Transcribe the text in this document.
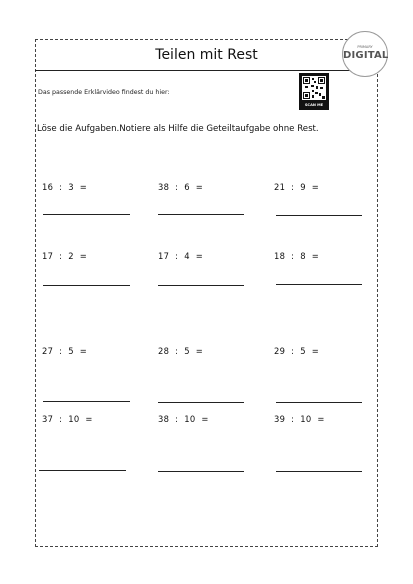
Teilen mit Rest	PRIMARY
DIGITAL
Das passende Erklärvideo findest du hier:
SCAN ME
Löse die Aufgaben.Notiere als Hilfe die Geteiltaufgabe ohne Rest.
16  :  3  =	38  :  6  =	21  :  9  =
17  :  2  =	17  :  4  =	18  :  8  =
27  :  5  =	28  :  5  =	29  :  5  =
37  :  10  =	38  :  10  =	39  :  10  =
